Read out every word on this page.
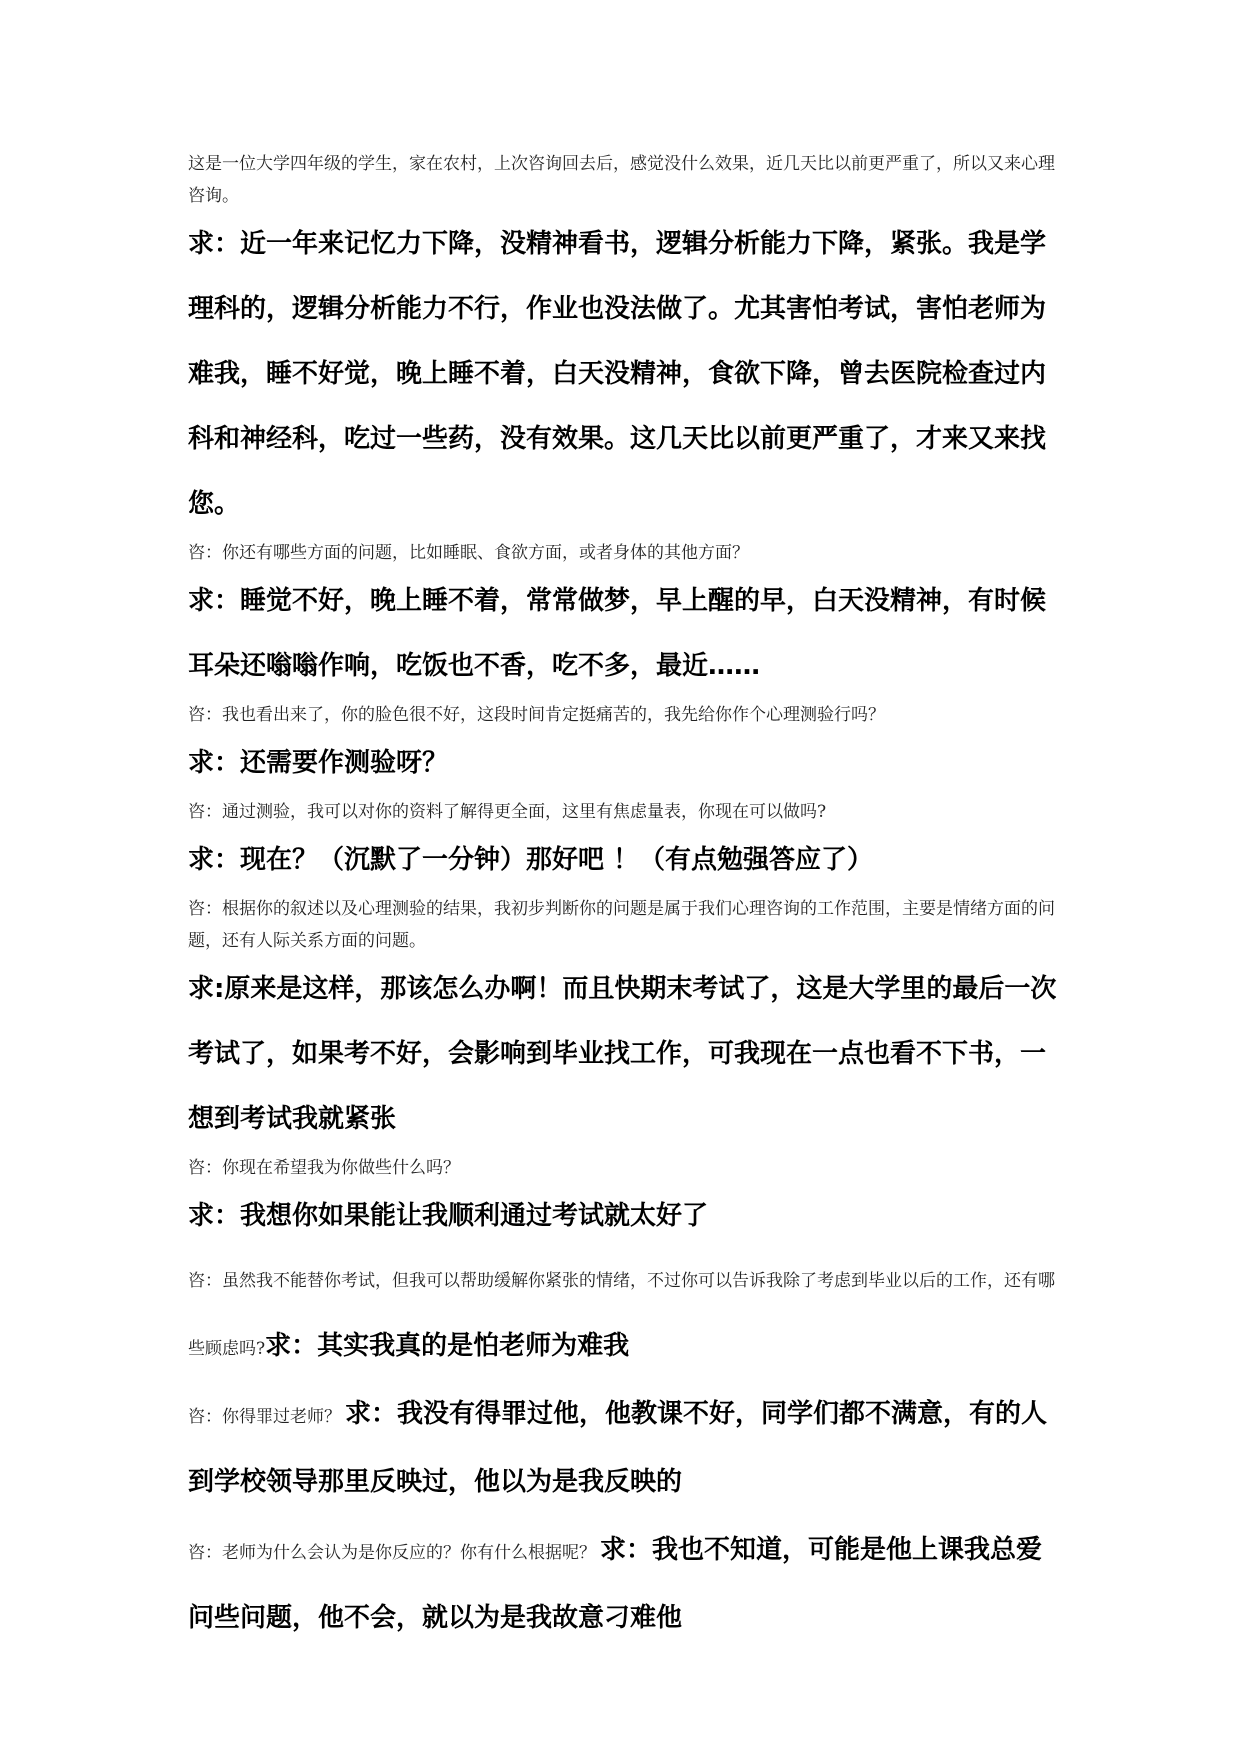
这是一位大学四年级的学生，家在农村，上次咨询回去后，感觉没什么效果，近几天比以前更严重了，所以又来心理咨询。

求：近一年来记忆力下降，没精神看书，逻辑分析能力下降，紧张。我是学理科的，逻辑分析能力不行，作业也没法做了。尤其害怕考试，害怕老师为难我，睡不好觉，晚上睡不着，白天没精神，食欲下降，曾去医院检查过内科和神经科，吃过一些药，没有效果。这几天比以前更严重了，才来又来找您。

咨：你还有哪些方面的问题，比如睡眠、食欲方面，或者身体的其他方面？

求：睡觉不好，晚上睡不着，常常做梦，早上醒的早，白天没精神，有时候耳朵还嗡嗡作响，吃饭也不香，吃不多，最近……

咨：我也看出来了，你的脸色很不好，这段时间肯定挺痛苦的，我先给你作个心理测验行吗？

求：还需要作测验呀？

咨：通过测验，我可以对你的资料了解得更全面，这里有焦虑量表，你现在可以做吗?

求：现在？（沉默了一分钟）那好吧 ！（有点勉强答应了）

咨：根据你的叙述以及心理测验的结果，我初步判断你的问题是属于我们心理咨询的工作范围，主要是情绪方面的问题，还有人际关系方面的问题。

求:原来是这样，那该怎么办啊！而且快期末考试了，这是大学里的最后一次考试了，如果考不好，会影响到毕业找工作，可我现在一点也看不下书，一想到考试我就紧张

咨：你现在希望我为你做些什么吗？

求：我想你如果能让我顺利通过考试就太好了

咨：虽然我不能替你考试，但我可以帮助缓解你紧张的情绪，不过你可以告诉我除了考虑到毕业以后的工作，还有哪些顾虑吗?求：其实我真的是怕老师为难我

咨：你得罪过老师？ 求：我没有得罪过他，他教课不好，同学们都不满意，有的人到学校领导那里反映过，他以为是我反映的

咨：老师为什么会认为是你反应的？你有什么根据呢？ 求：我也不知道，可能是他上课我总爱问些问题，他不会，就以为是我故意刁难他
